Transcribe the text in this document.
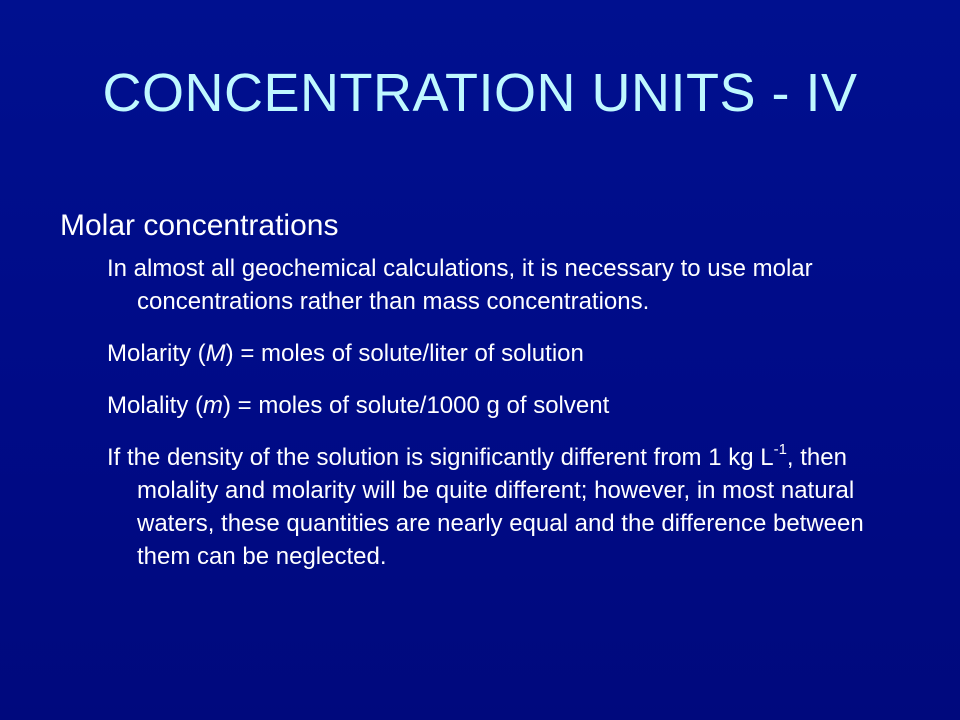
CONCENTRATION UNITS - IV
Molar concentrations
In almost all geochemical calculations, it is necessary to use molar concentrations rather than mass concentrations.
Molarity (M) = moles of solute/liter of solution
Molality (m) = moles of solute/1000 g of solvent
If the density of the solution is significantly different from 1 kg $L^{-1}$, then molality and molarity will be quite different; however, in most natural waters, these quantities are nearly equal and the difference between them can be neglected.
